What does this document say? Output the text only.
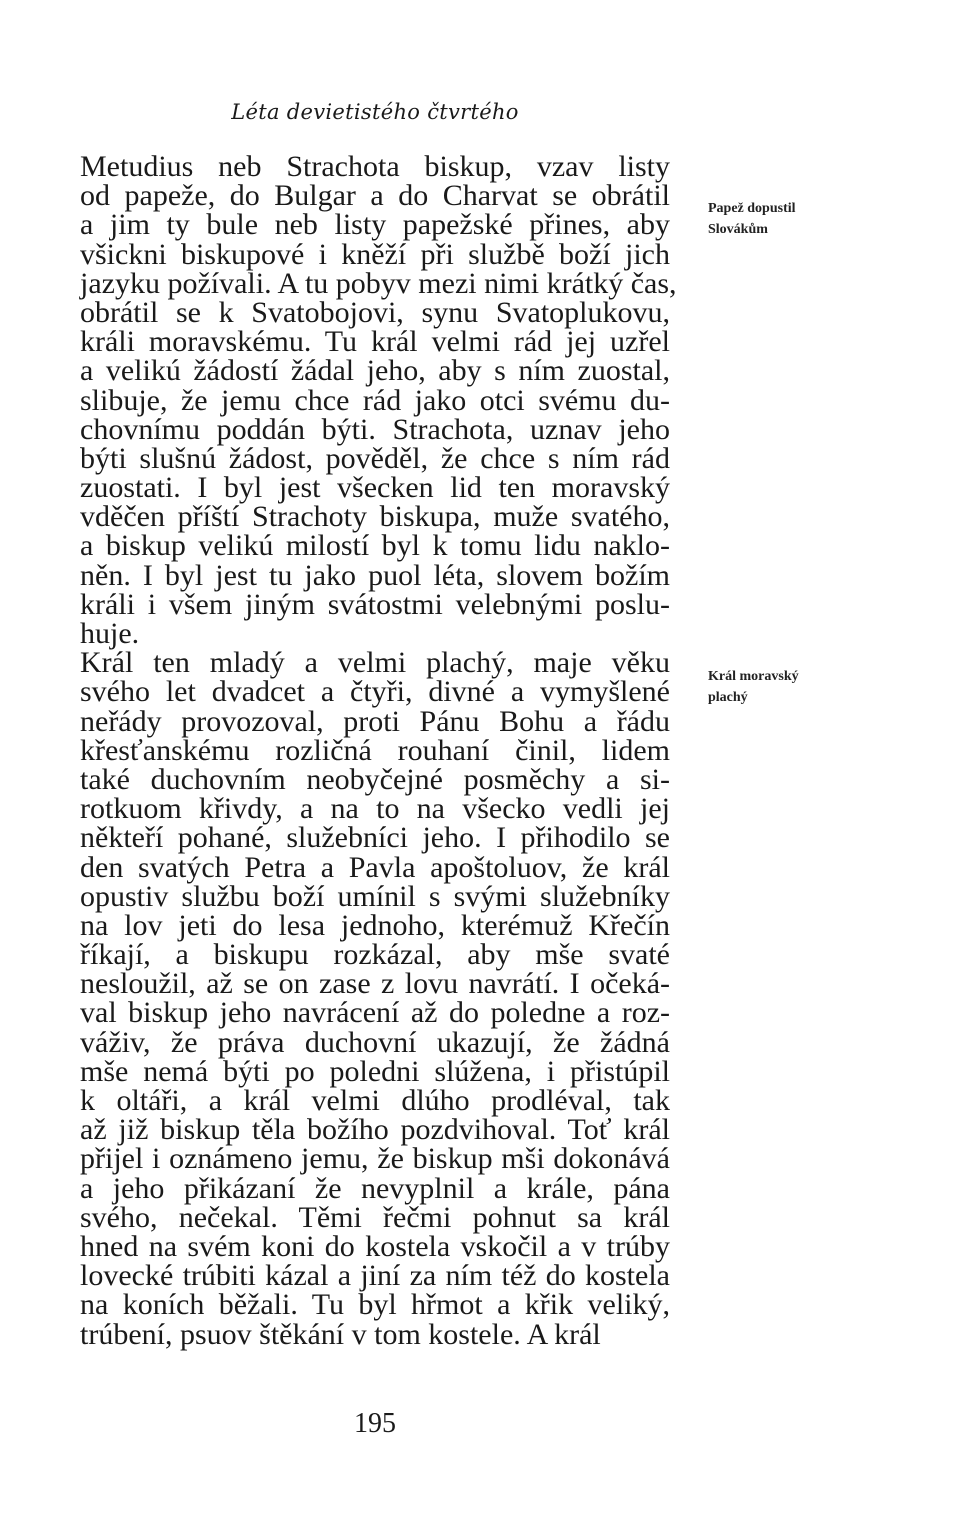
Léta devietistého čtvrtého
Metudius neb Strachota biskup, vzav listy
od papeže, do Bulgar a do Charvat se obrátil
a jim ty bule neb listy papežské přines, aby
všickni biskupové i kněží při službě boží jich
jazyku požívali. A tu pobyv mezi nimi krátký čas,
obrátil se k Svatobojovi, synu Svatoplukovu,
králi moravskému. Tu král velmi rád jej uzřel
a velikú žádostí žádal jeho, aby s ním zuostal,
slibuje, že jemu chce rád jako otci svému du-
chovnímu poddán býti. Strachota, uznav jeho
býti slušnú žádost, pověděl, že chce s ním rád
zuostati. I byl jest všecken lid ten moravský
vděčen příští Strachoty biskupa, muže svatého,
a biskup velikú milostí byl k tomu lidu naklo-
něn. I byl jest tu jako puol léta, slovem božím
králi i všem jiným svátostmi velebnými poslu-
huje.
Král ten mladý a velmi plachý, maje věku
svého let dvadcet a čtyři, divné a vymyšlené
neřády provozoval, proti Pánu Bohu a řádu
křesťanskému rozličná rouhaní činil, lidem
také duchovním neobyčejné posměchy a si-
rotkuom křivdy, a na to na všecko vedli jej
někteří pohané, služebníci jeho. I přihodilo se
den svatých Petra a Pavla apoštoluov, že král
opustiv službu boží umínil s svými služebníky
na lov jeti do lesa jednoho, kterémuž Křečín
říkají, a biskupu rozkázal, aby mše svaté
nesloužil, až se on zase z lovu navrátí. I očeká-
val biskup jeho navrácení až do poledne a roz-
váživ, že práva duchovní ukazují, že žádná
mše nemá býti po poledni slúžena, i přistúpil
k oltáři, a král velmi dlúho prodléval, tak
až již biskup těla božího pozdvihoval. Toť král
přijel i oznámeno jemu, že biskup mši dokonává
a jeho přikázaní že nevyplnil a krále, pána
svého, nečekal. Těmi řečmi pohnut sa král
hned na svém koni do kostela vskočil a v trúby
lovecké trúbiti kázal a jiní za ním též do kostela
na koních běžali. Tu byl hřmot a křik veliký,
trúbení, psuov štěkání v tom kostele. A král
Papež dopustil
Slovákům
Král moravský
plachý
195
